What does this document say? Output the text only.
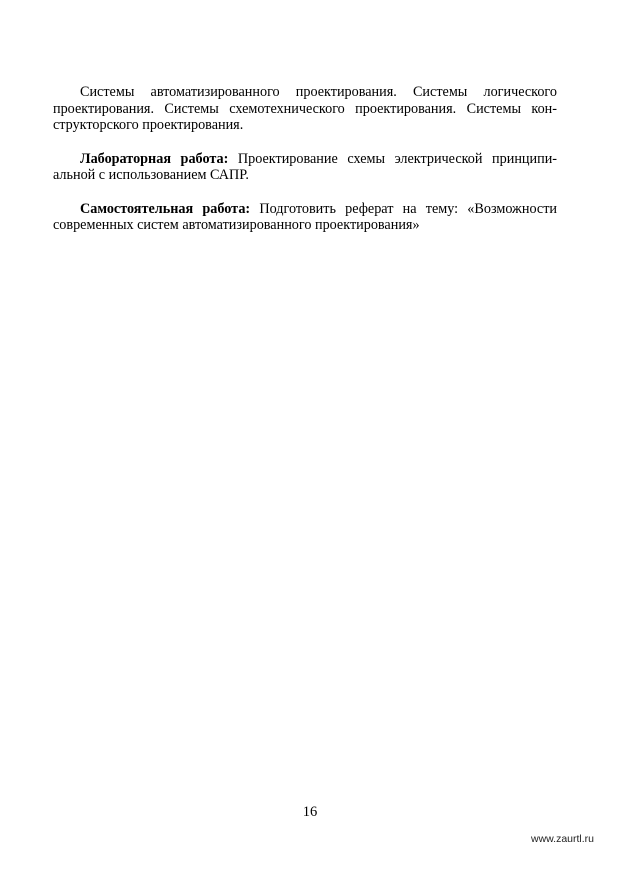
Системы автоматизированного проектирования. Системы логического проектирования. Системы схемотехнического проектирования. Системы кон-структорского проектирования.

Лабораторная работа: Проектирование схемы электрической принципи-альной с использованием САПР.

Самостоятельная работа: Подготовить реферат на тему: «Возможности современных систем автоматизированного проектирования»

16
www.zaurtl.ru
